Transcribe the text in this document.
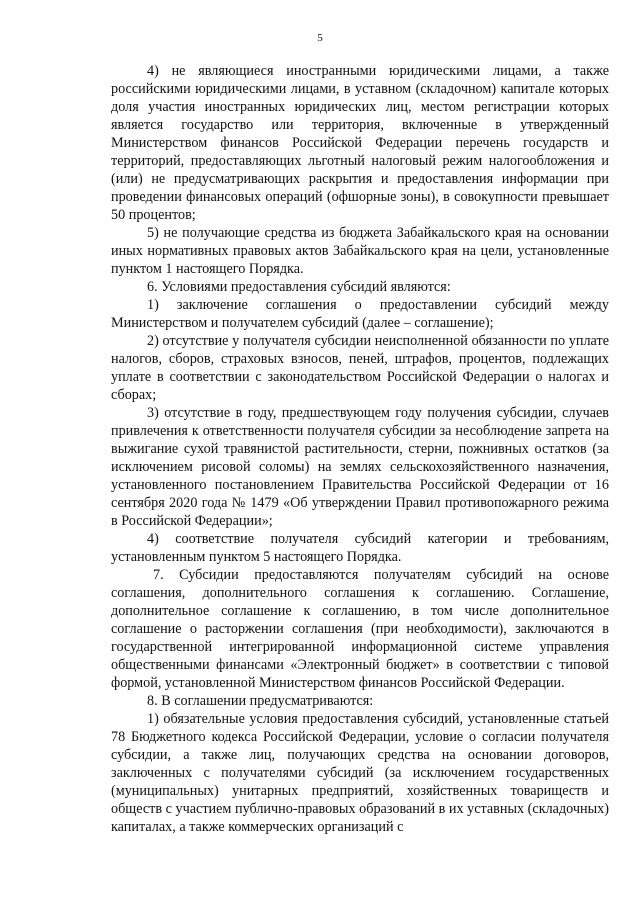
5

4) не являющиеся иностранными юридическими лицами, а также российскими юридическими лицами, в уставном (складочном) капитале которых доля участия иностранных юридических лиц, местом регистрации которых является государство или территория, включенные в утвержденный Министерством финансов Российской Федерации перечень государств и территорий, предоставляющих льготный налоговый режим налогообложения и (или) не предусматривающих раскрытия и предоставления информации при проведении финансовых операций (офшорные зоны), в совокупности превышает 50 процентов;

5) не получающие средства из бюджета Забайкальского края на основании иных нормативных правовых актов Забайкальского края на цели, установленные пунктом 1 настоящего Порядка.

6. Условиями предоставления субсидий являются:

1) заключение соглашения о предоставлении субсидий между Министерством и получателем субсидий (далее – соглашение);

2) отсутствие у получателя субсидии неисполненной обязанности по уплате налогов, сборов, страховых взносов, пеней, штрафов, процентов, подлежащих уплате в соответствии с законодательством Российской Федерации о налогах и сборах;

3) отсутствие в году, предшествующем году получения субсидии, случаев привлечения к ответственности получателя субсидии за несоблюдение запрета на выжигание сухой травянистой растительности, стерни, пожнивных остатков (за исключением рисовой соломы) на землях сельскохозяйственного назначения, установленного постановлением Правительства Российской Федерации от 16 сентября 2020 года № 1479 «Об утверждении Правил противопожарного режима в Российской Федерации»;

4) соответствие получателя субсидий категории и требованиям, установленным пунктом 5 настоящего Порядка.

7. Субсидии предоставляются получателям субсидий на основе соглашения, дополнительного соглашения к соглашению. Соглашение, дополнительное соглашение к соглашению, в том числе дополнительное соглашение о расторжении соглашения (при необходимости), заключаются в государственной интегрированной информационной системе управления общественными финансами «Электронный бюджет» в соответствии с типовой формой, установленной Министерством финансов Российской Федерации.

8. В соглашении предусматриваются:

1) обязательные условия предоставления субсидий, установленные статьей 78 Бюджетного кодекса Российской Федерации, условие о согласии получателя субсидии, а также лиц, получающих средства на основании договоров, заключенных с получателями субсидий (за исключением государственных (муниципальных) унитарных предприятий, хозяйственных товариществ и обществ с участием публично-правовых образований в их уставных (складочных) капиталах, а также коммерческих организаций с
